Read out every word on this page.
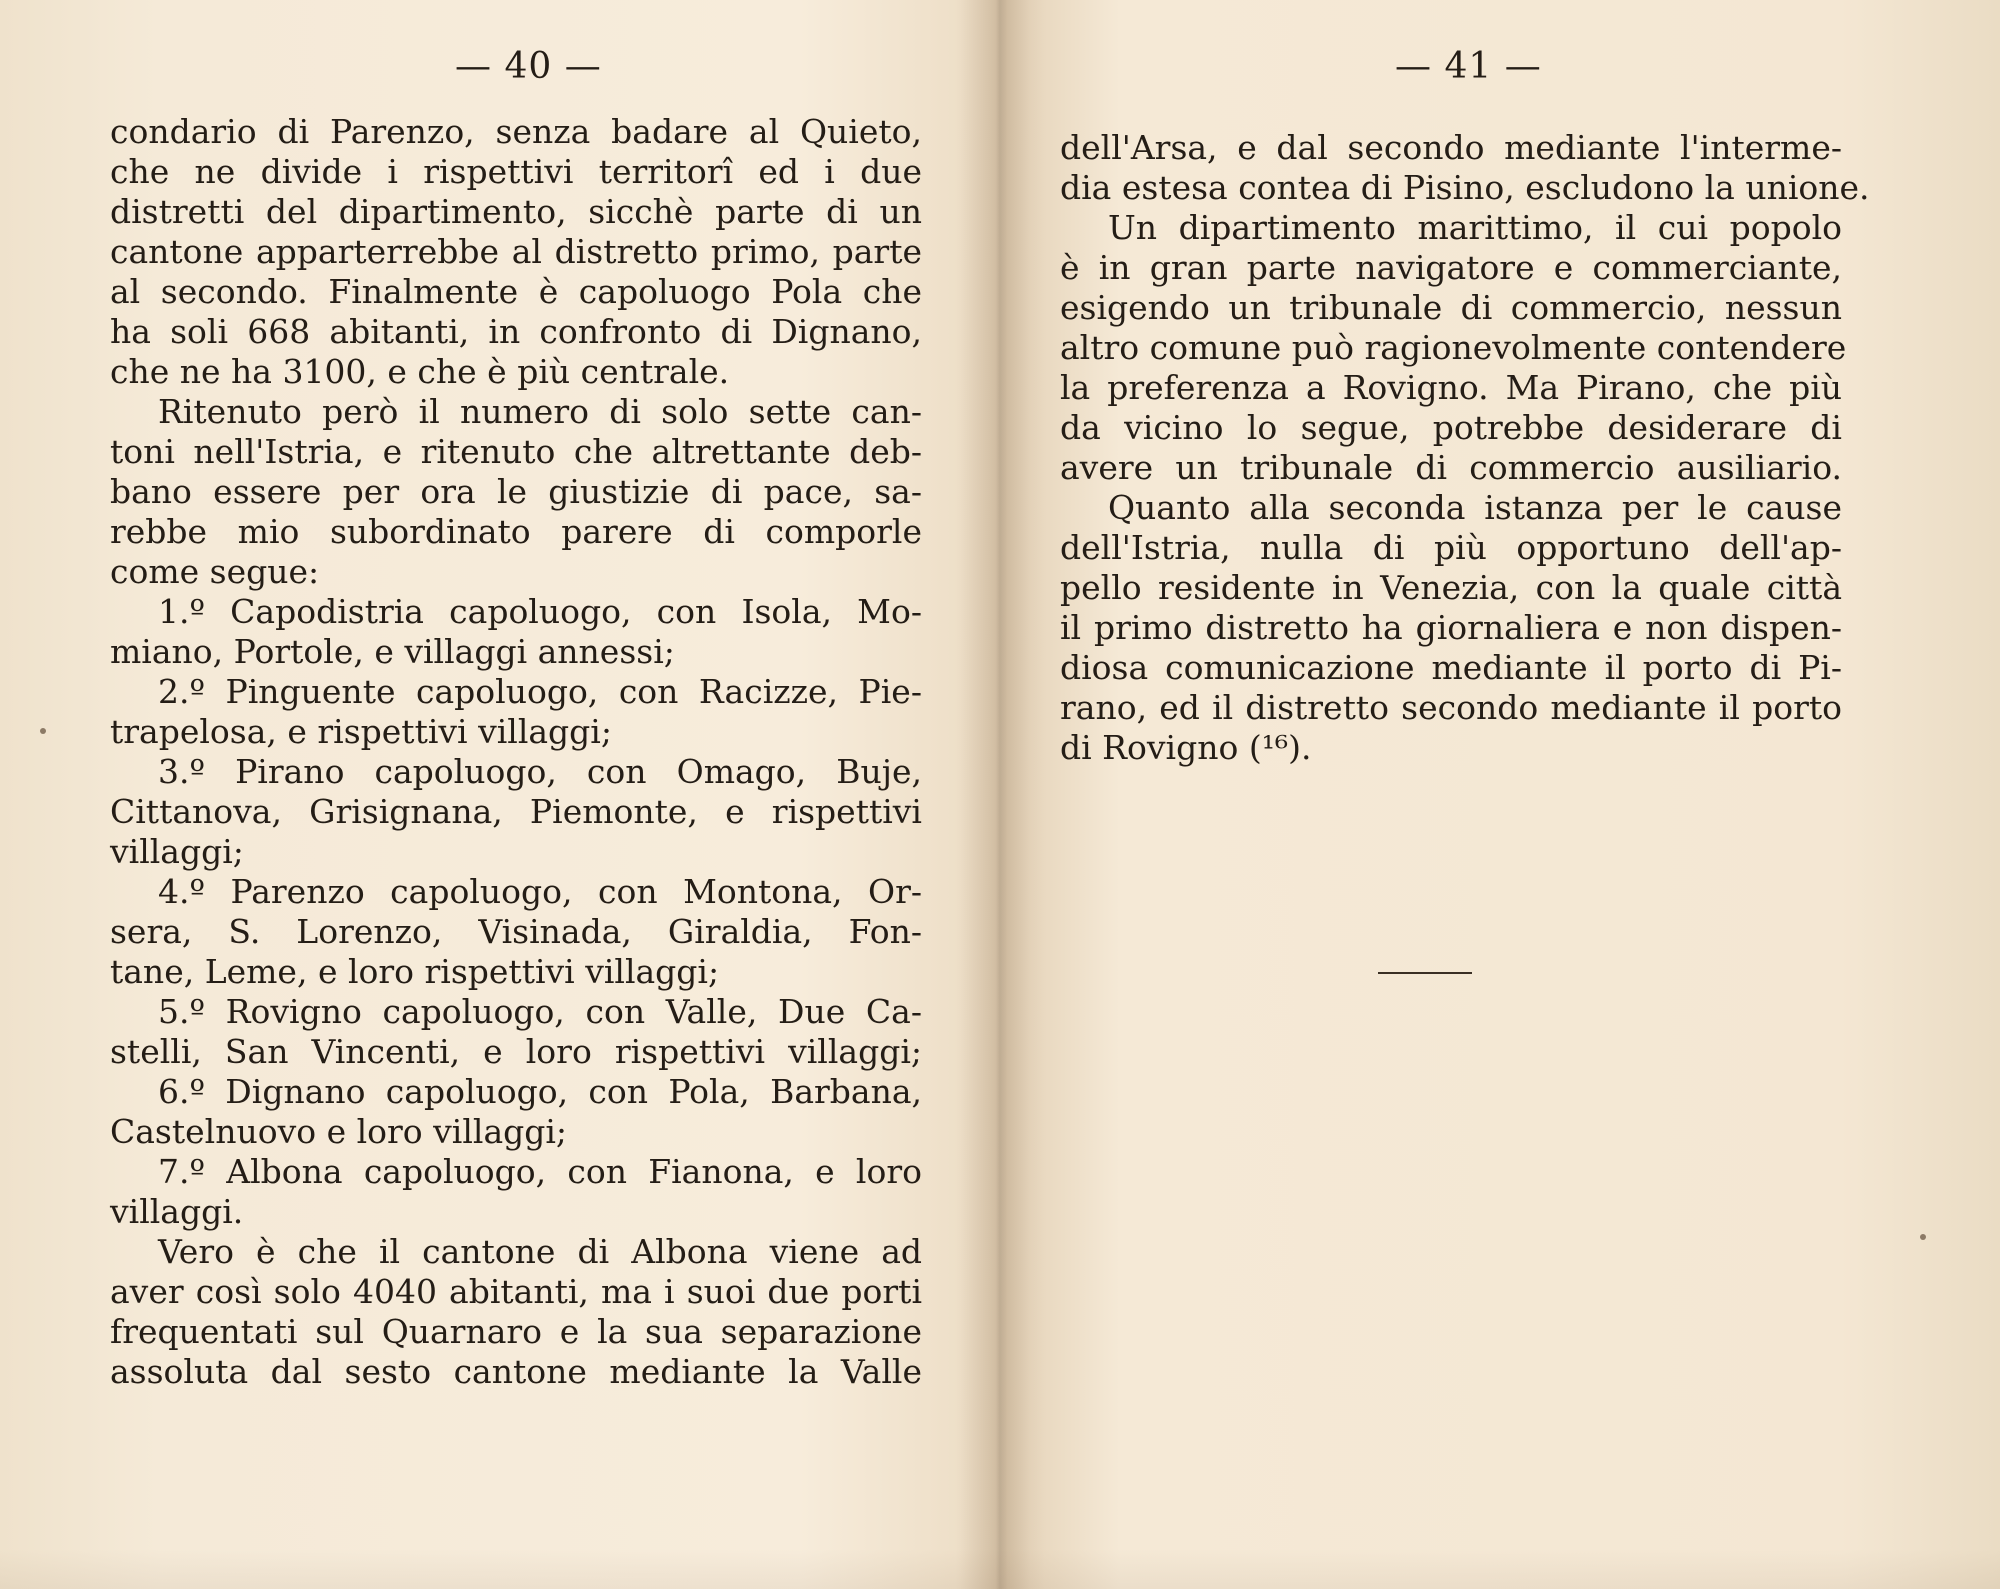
— 40 —
condario di Parenzo, senza badare al Quieto,
che ne divide i rispettivi territorî ed i due
distretti del dipartimento, sicchè parte di un
cantone apparterrebbe al distretto primo, parte
al secondo. Finalmente è capoluogo Pola che
ha soli 668 abitanti, in confronto di Dignano,
che ne ha 3100, e che è più centrale.
Ritenuto però il numero di solo sette can-
toni nell'Istria, e ritenuto che altrettante deb-
bano essere per ora le giustizie di pace, sa-
rebbe mio subordinato parere di comporle
come segue:
1.º Capodistria capoluogo, con Isola, Mo-
miano, Portole, e villaggi annessi;
2.º Pinguente capoluogo, con Racizze, Pie-
trapelosa, e rispettivi villaggi;
3.º Pirano capoluogo, con Omago, Buje,
Cittanova, Grisignana, Piemonte, e rispettivi
villaggi;
4.º Parenzo capoluogo, con Montona, Or-
sera, S. Lorenzo, Visinada, Giraldia, Fon-
tane, Leme, e loro rispettivi villaggi;
5.º Rovigno capoluogo, con Valle, Due Ca-
stelli, San Vincenti, e loro rispettivi villaggi;
6.º Dignano capoluogo, con Pola, Barbana,
Castelnuovo e loro villaggi;
7.º Albona capoluogo, con Fianona, e loro
villaggi.
Vero è che il cantone di Albona viene ad
aver così solo 4040 abitanti, ma i suoi due porti
frequentati sul Quarnaro e la sua separazione
assoluta dal sesto cantone mediante la Valle
— 41 —
dell'Arsa, e dal secondo mediante l'interme-
dia estesa contea di Pisino, escludono la unione.
Un dipartimento marittimo, il cui popolo
è in gran parte navigatore e commerciante,
esigendo un tribunale di commercio, nessun
altro comune può ragionevolmente contendere
la preferenza a Rovigno. Ma Pirano, che più
da vicino lo segue, potrebbe desiderare di
avere un tribunale di commercio ausiliario.
Quanto alla seconda istanza per le cause
dell'Istria, nulla di più opportuno dell'ap-
pello residente in Venezia, con la quale città
il primo distretto ha giornaliera e non dispen-
diosa comunicazione mediante il porto di Pi-
rano, ed il distretto secondo mediante il porto
di Rovigno (¹⁶).
